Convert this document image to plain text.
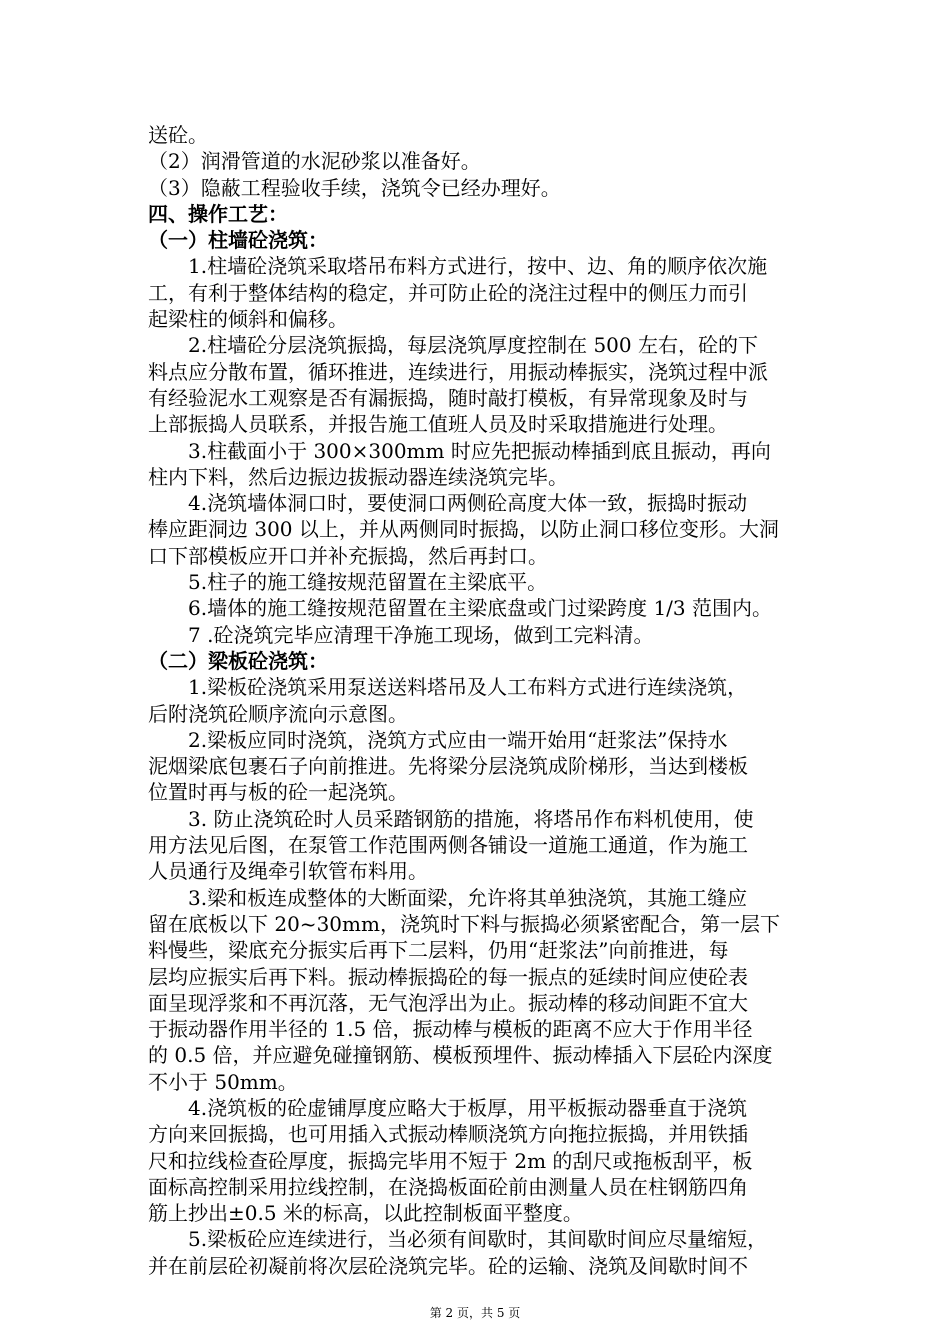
送砼。
（2）润滑管道的水泥砂浆以准备好。
（3）隐蔽工程验收手续，浇筑令已经办理好。
四、操作工艺：
（一）柱墙砼浇筑：
1.柱墙砼浇筑采取塔吊布料方式进行，按中、边、角的顺序依次施
工，有利于整体结构的稳定，并可防止砼的浇注过程中的侧压力而引
起梁柱的倾斜和偏移。
2.柱墙砼分层浇筑振捣，每层浇筑厚度控制在 500 左右，砼的下
料点应分散布置，循环推进，连续进行，用振动棒振实，浇筑过程中派
有经验泥水工观察是否有漏振捣，随时敲打模板，有异常现象及时与
上部振捣人员联系，并报告施工值班人员及时采取措施进行处理。
3.柱截面小于 300×300mm 时应先把振动棒插到底且振动，再向
柱内下料，然后边振边拔振动器连续浇筑完毕。
4.浇筑墙体洞口时，要使洞口两侧砼高度大体一致，振捣时振动
棒应距洞边 300 以上，并从两侧同时振捣，以防止洞口移位变形。大洞
口下部模板应开口并补充振捣，然后再封口。
5.柱子的施工缝按规范留置在主梁底平。
6.墙体的施工缝按规范留置在主梁底盘或门过梁跨度 1/3 范围内。
7 .砼浇筑完毕应清理干净施工现场，做到工完料清。
（二）梁板砼浇筑：
1.梁板砼浇筑采用泵送送料塔吊及人工布料方式进行连续浇筑，
后附浇筑砼顺序流向示意图。
2.梁板应同时浇筑，浇筑方式应由一端开始用“赶浆法”保持水
泥烟梁底包裹石子向前推进。先将梁分层浇筑成阶梯形，当达到楼板
位置时再与板的砼一起浇筑。
3. 防止浇筑砼时人员采踏钢筋的措施，将塔吊作布料机使用，使
用方法见后图，在泵管工作范围两侧各铺设一道施工通道，作为施工
人员通行及绳牵引软管布料用。
3.梁和板连成整体的大断面梁，允许将其单独浇筑，其施工缝应
留在底板以下 20~30mm，浇筑时下料与振捣必须紧密配合，第一层下
料慢些，梁底充分振实后再下二层料，仍用“赶浆法”向前推进，每
层均应振实后再下料。振动棒振捣砼的每一振点的延续时间应使砼表
面呈现浮浆和不再沉落，无气泡浮出为止。振动棒的移动间距不宜大
于振动器作用半径的 1.5 倍，振动棒与模板的距离不应大于作用半径
的 0.5 倍，并应避免碰撞钢筋、模板预埋件、振动棒插入下层砼内深度
不小于 50mm。
4.浇筑板的砼虚铺厚度应略大于板厚，用平板振动器垂直于浇筑
方向来回振捣，也可用插入式振动棒顺浇筑方向拖拉振捣，并用铁插
尺和拉线检查砼厚度，振捣完毕用不短于 2m 的刮尺或拖板刮平，板
面标高控制采用拉线控制，在浇捣板面砼前由测量人员在柱钢筋四角
筋上抄出±0.5 米的标高，以此控制板面平整度。
5.梁板砼应连续进行，当必须有间歇时，其间歇时间应尽量缩短，
并在前层砼初凝前将次层砼浇筑完毕。砼的运输、浇筑及间歇时间不
第 2 页，共 5 页
